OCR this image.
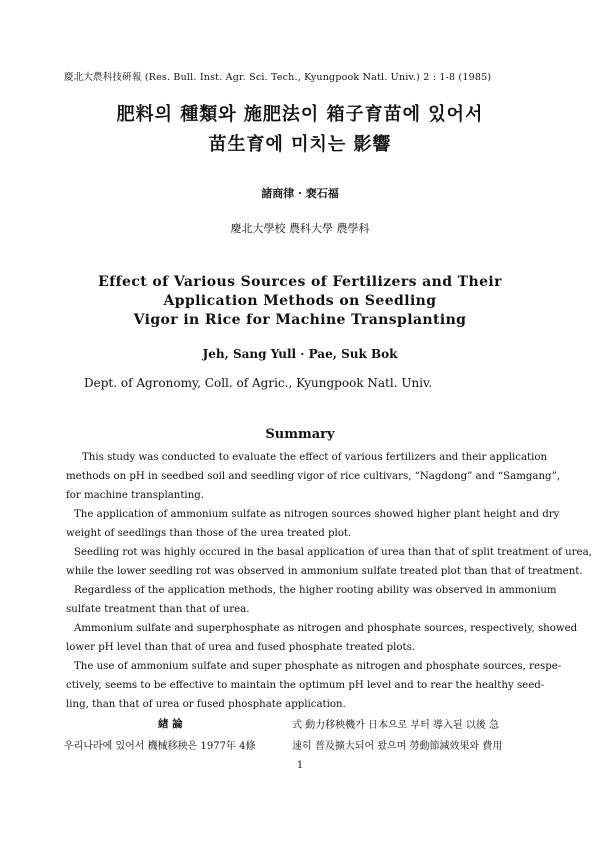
慶北大農科技硏報 (Res. Bull. Inst. Agr. Sci. Tech., Kyungpook Natl. Univ.) 2 : 1-8 (1985)
肥料의 種類와 施肥法이 箱子育苗에 있어서
苗生育에 미치는 影響
諸商律 · 裵石福
慶北大學校 農科大學 農學科
Effect of Various Sources of Fertilizers and Their
Application Methods on Seedling
Vigor in Rice for Machine Transplanting
Jeh, Sang Yull · Pae, Suk Bok
Dept. of Agronomy, Coll. of Agric., Kyungpook Natl. Univ.
Summary
This study was conducted to evaluate the effect of various fertilizers and their application
methods on pH in seedbed soil and seedling vigor of rice cultivars, “Nagdong” and “Samgang”,
for machine transplanting.
The application of ammonium sulfate as nitrogen sources showed higher plant height and dry
weight of seedlings than those of the urea treated plot.
Seedling rot was highly occured in the basal application of urea than that of split treatment of urea,
while the lower seedling rot was observed in ammonium sulfate treated plot than that of treatment.
Regardless of the application methods, the higher rooting ability was observed in ammonium
sulfate treatment than that of urea.
Ammonium sulfate and superphosphate as nitrogen and phosphate sources, respectively, showed
lower pH level than that of urea and fused phosphate treated plots.
The use of ammonium sulfate and super phosphate as nitrogen and phosphate sources, respe-
ctively, seems to be effective to maintain the optimum pH level and to rear the healthy seed-
ling, than that of urea or fused phosphate application.
緖 論	式 動力移秧機가 日本으로 부터 導入된 以後 急
우리나라에 있어서 機械移秧은 1977年 4條	速히 普及擴大되어 왔으며 勞動節減效果와 費用
1
